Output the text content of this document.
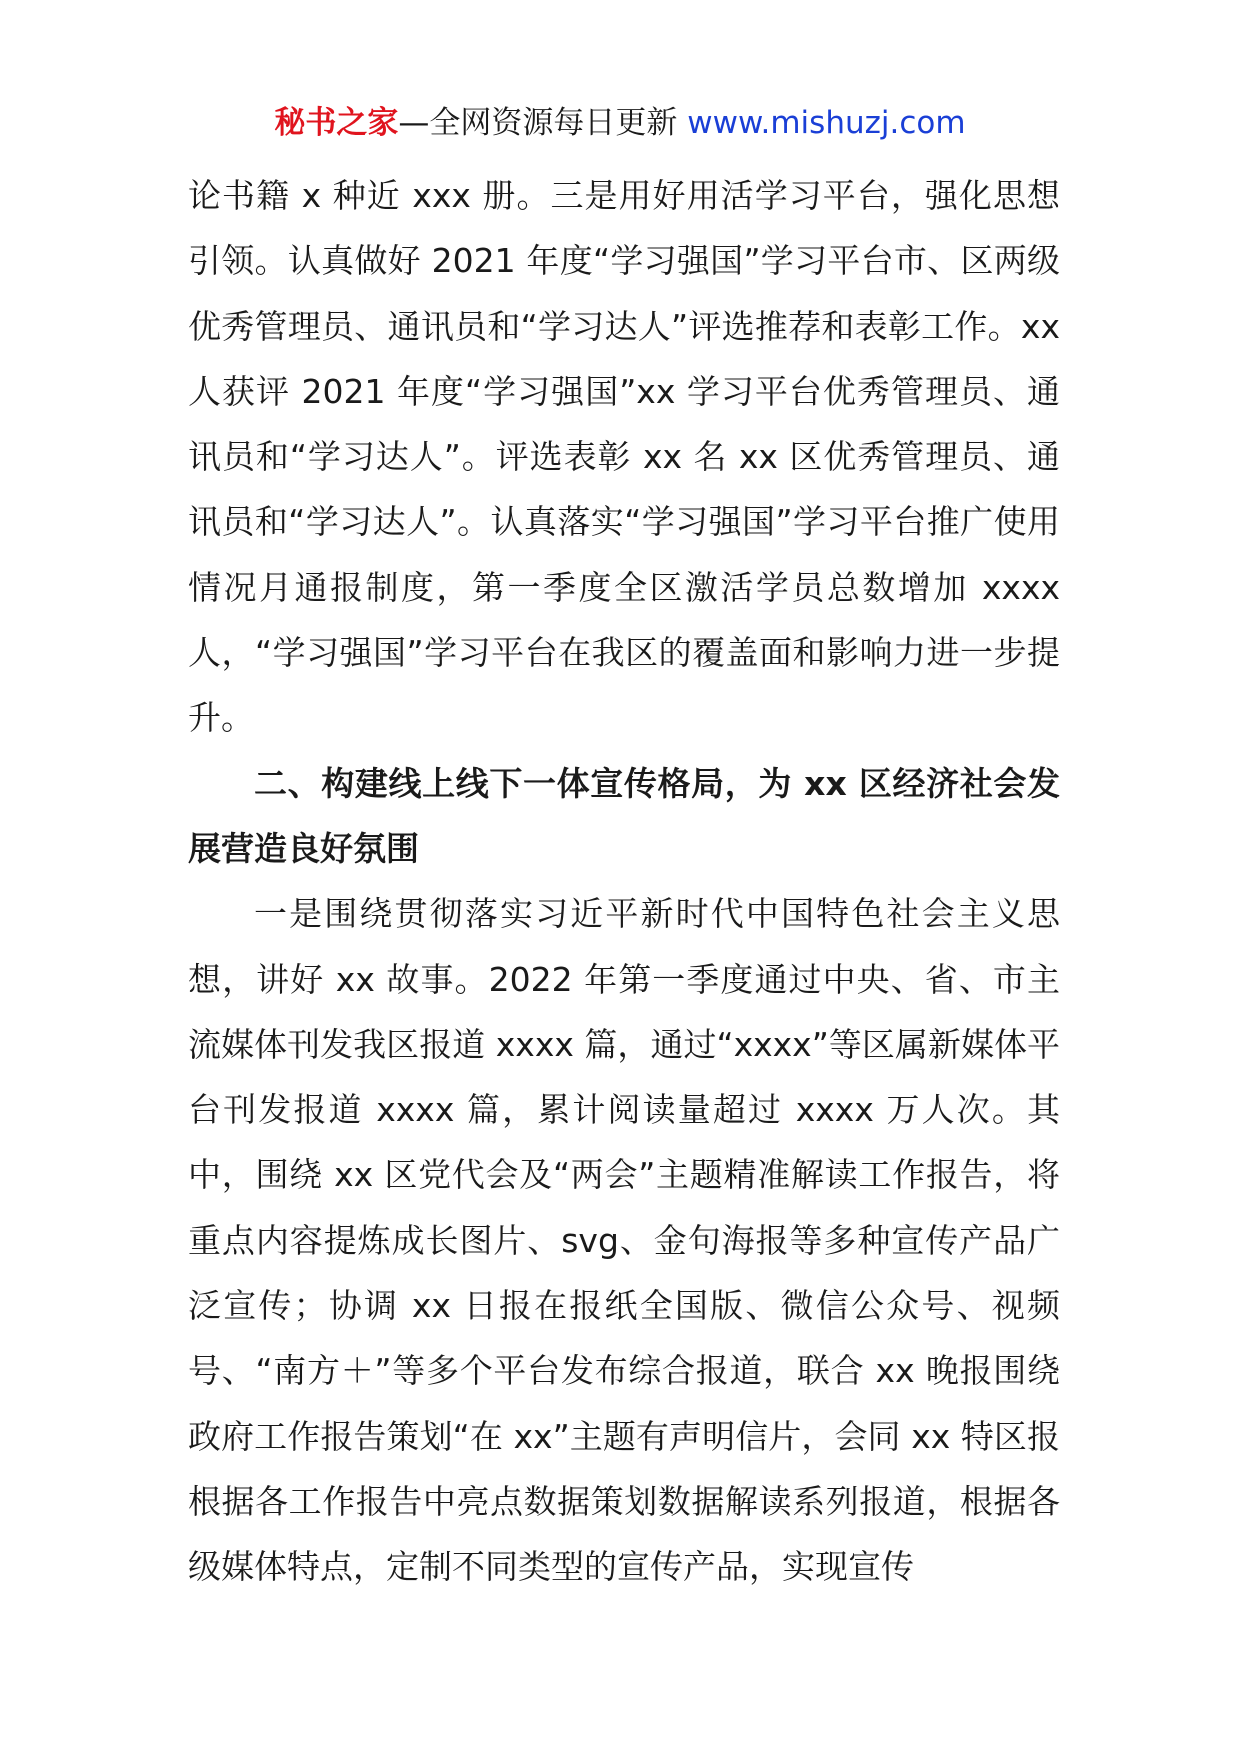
秘书之家—全网资源每日更新 www.mishuzj.com

论书籍 x 种近 xxx 册。三是用好用活学习平台，强化思想引领。认真做好 2021 年度“学习强国”学习平台市、区两级优秀管理员、通讯员和“学习达人”评选推荐和表彰工作。xx 人获评 2021 年度“学习强国”xx 学习平台优秀管理员、通讯员和“学习达人”。评选表彰 xx 名 xx 区优秀管理员、通讯员和“学习达人”。认真落实“学习强国”学习平台推广使用情况月通报制度，第一季度全区激活学员总数增加 xxxx 人，“学习强国”学习平台在我区的覆盖面和影响力进一步提升。

二、构建线上线下一体宣传格局，为 xx 区经济社会发展营造良好氛围

一是围绕贯彻落实习近平新时代中国特色社会主义思想，讲好 xx 故事。2022 年第一季度通过中央、省、市主流媒体刊发我区报道 xxxx 篇，通过“xxxx”等区属新媒体平台刊发报道 xxxx 篇，累计阅读量超过 xxxx 万人次。其中，围绕 xx 区党代会及“两会”主题精准解读工作报告，将重点内容提炼成长图片、svg、金句海报等多种宣传产品广泛宣传；协调 xx 日报在报纸全国版、微信公众号、视频号、“南方＋”等多个平台发布综合报道，联合 xx 晚报围绕政府工作报告策划“在 xx”主题有声明信片，会同 xx 特区报根据各工作报告中亮点数据策划数据解读系列报道，根据各级媒体特点，定制不同类型的宣传产品，实现宣传
